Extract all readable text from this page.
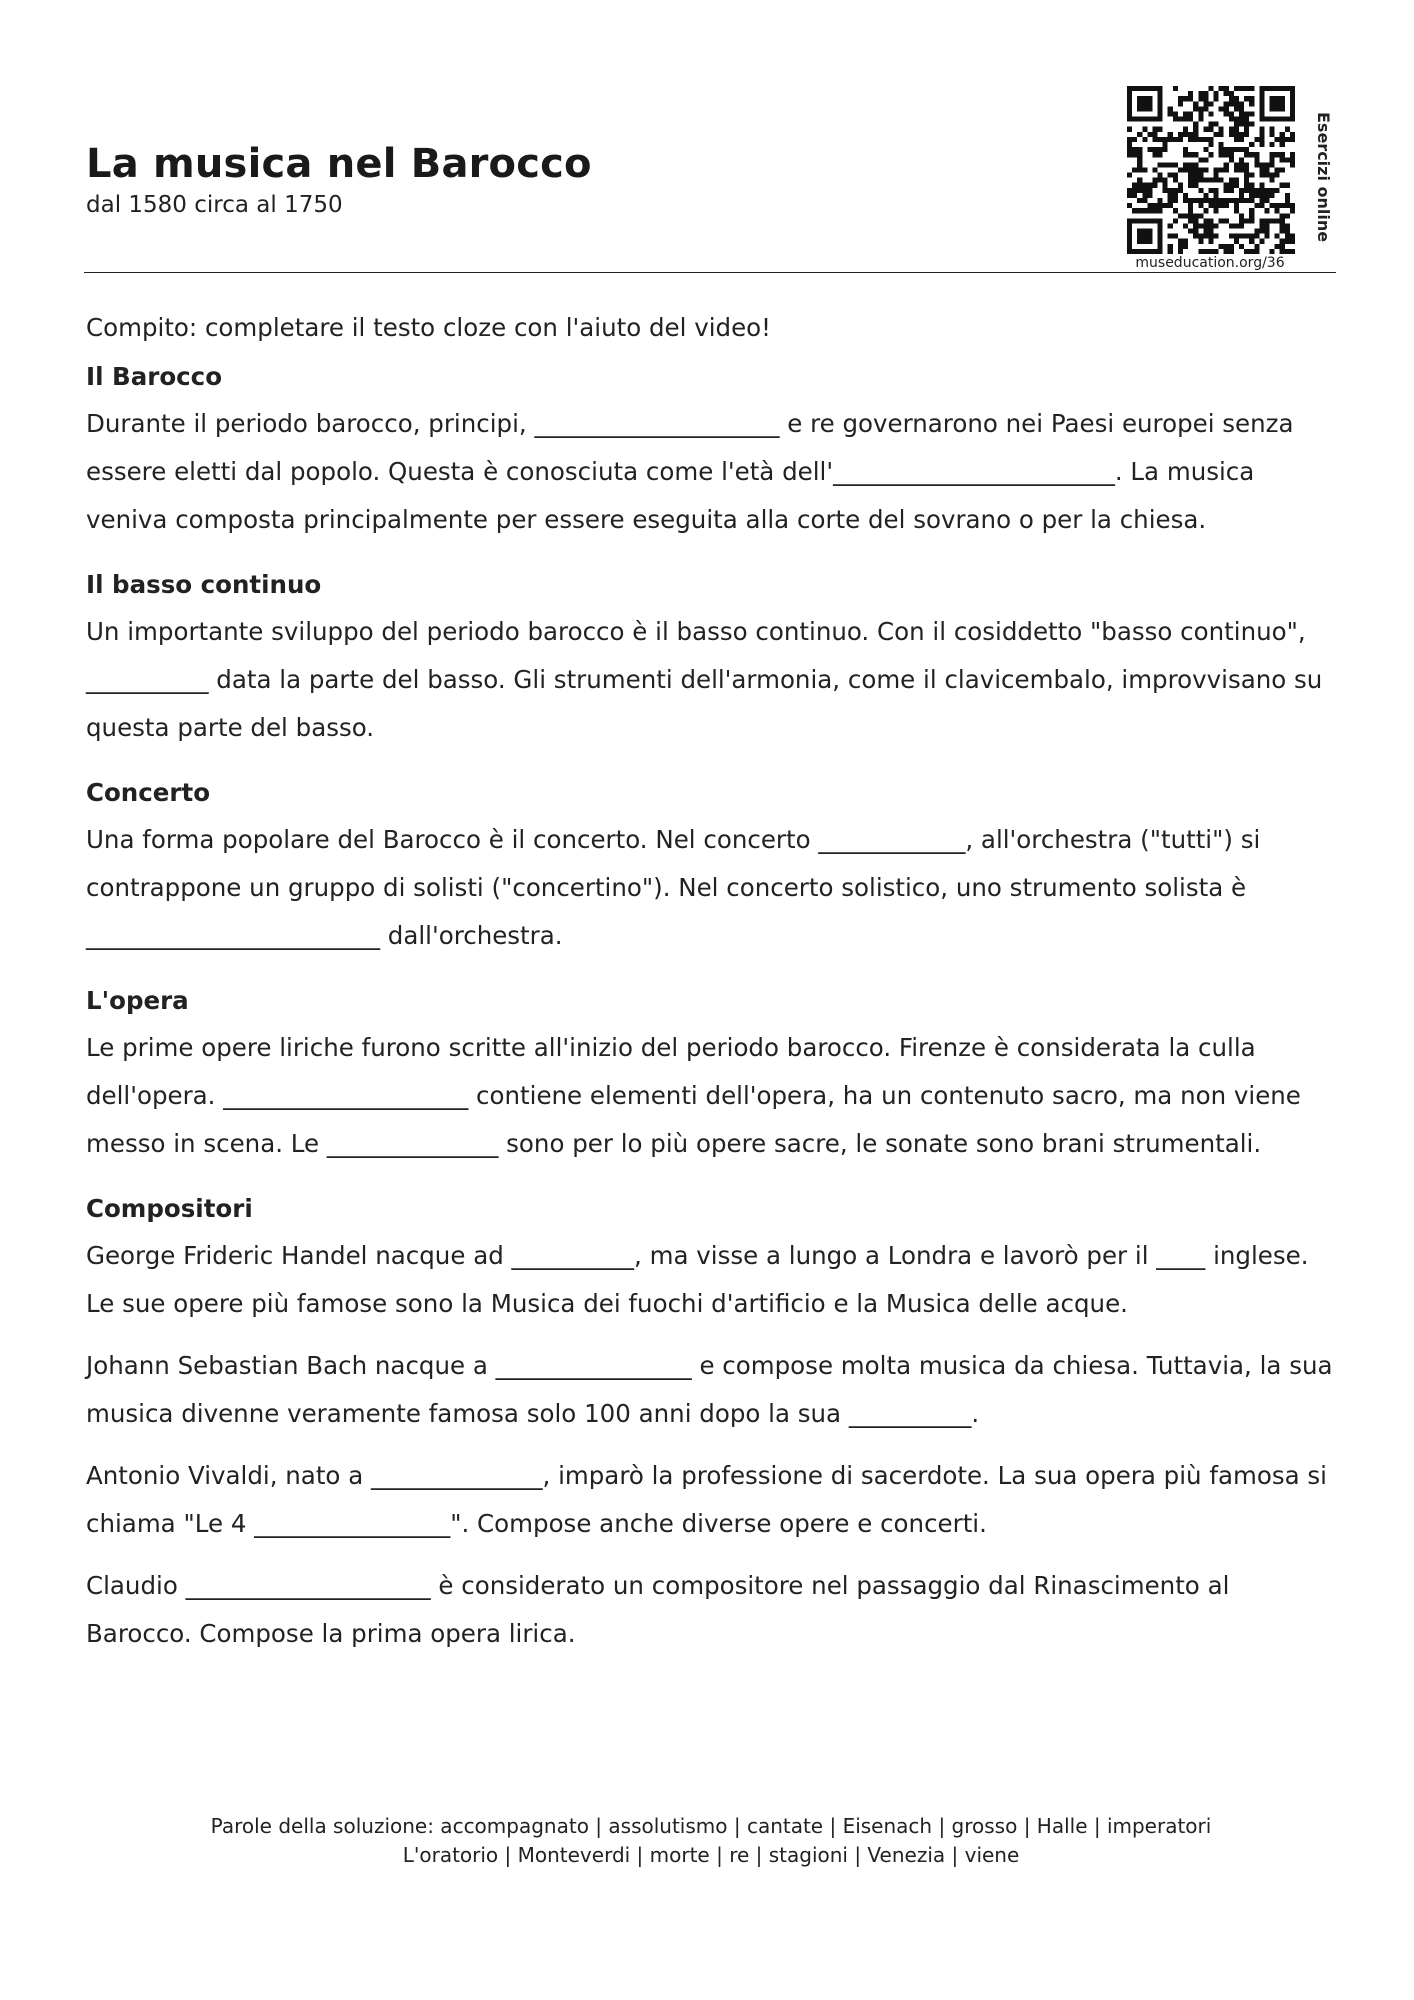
La musica nel Barocco
dal 1580 circa al 1750
museducation.org/36
Esercizi online

Compito: completare il testo cloze con l'aiuto del video!

Il Barocco

Durante il periodo barocco, principi, ____________________ e re governarono nei Paesi europei senza essere eletti dal popolo. Questa è conosciuta come l'età dell'_______________________. La musica veniva composta principalmente per essere eseguita alla corte del sovrano o per la chiesa.

Il basso continuo

Un importante sviluppo del periodo barocco è il basso continuo. Con il cosiddetto "basso continuo", __________ data la parte del basso. Gli strumenti dell'armonia, come il clavicembalo, improvvisano su questa parte del basso.

Concerto

Una forma popolare del Barocco è il concerto. Nel concerto ____________, all'orchestra ("tutti") si contrappone un gruppo di solisti ("concertino"). Nel concerto solistico, uno strumento solista è ________________________ dall'orchestra.

L'opera

Le prime opere liriche furono scritte all'inizio del periodo barocco. Firenze è considerata la culla dell'opera. ____________________ contiene elementi dell'opera, ha un contenuto sacro, ma non viene messo in scena. Le ______________ sono per lo più opere sacre, le sonate sono brani strumentali.

Compositori

George Frideric Handel nacque ad __________, ma visse a lungo a Londra e lavorò per il ____ inglese. Le sue opere più famose sono la Musica dei fuochi d'artificio e la Musica delle acque.

Johann Sebastian Bach nacque a ________________ e compose molta musica da chiesa. Tuttavia, la sua musica divenne veramente famosa solo 100 anni dopo la sua __________.

Antonio Vivaldi, nato a ______________, imparò la professione di sacerdote. La sua opera più famosa si chiama "Le 4 ________________". Compose anche diverse opere e concerti.

Claudio ____________________ è considerato un compositore nel passaggio dal Rinascimento al Barocco. Compose la prima opera lirica.

Parole della soluzione: accompagnato | assolutismo | cantate | Eisenach | grosso | Halle | imperatori
L'oratorio | Monteverdi | morte | re | stagioni | Venezia | viene
